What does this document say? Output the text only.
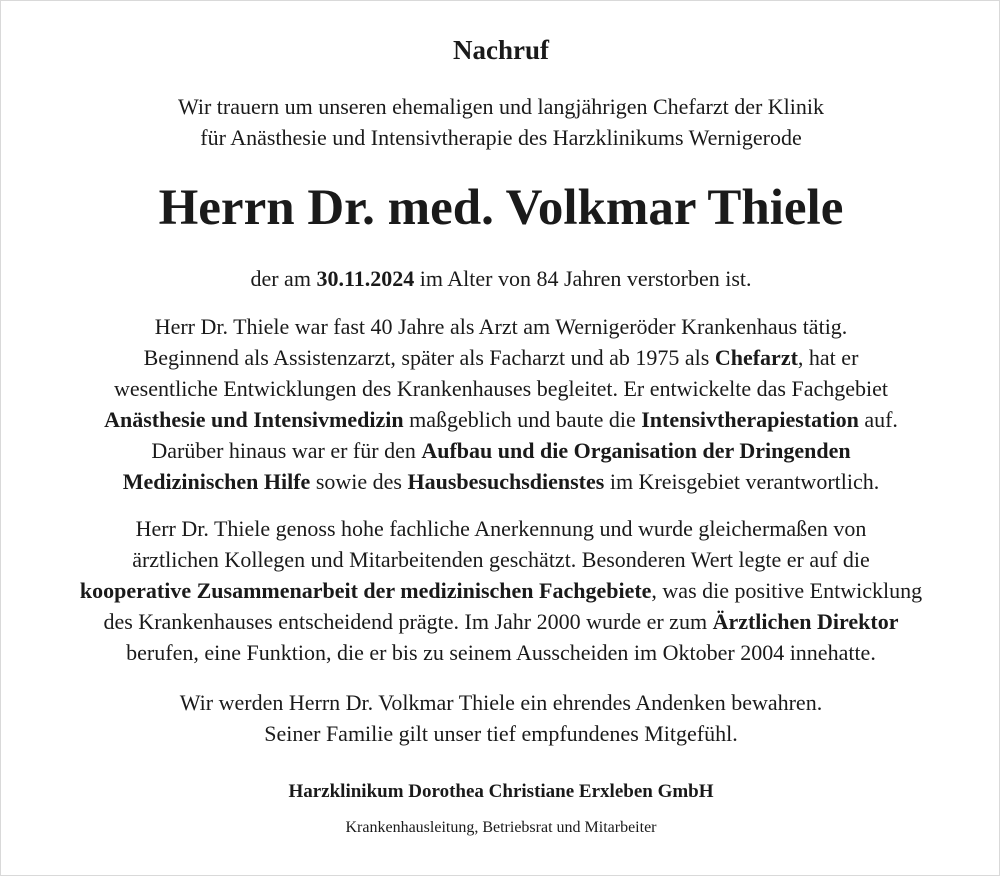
Nachruf
Wir trauern um unseren ehemaligen und langjährigen Chefarzt der Klinik
für Anästhesie und Intensivtherapie des Harzklinikums Wernigerode
Herrn Dr. med. Volkmar Thiele
der am 30.11.2024 im Alter von 84 Jahren verstorben ist.
Herr Dr. Thiele war fast 40 Jahre als Arzt am Wernigeröder Krankenhaus tätig.
Beginnend als Assistenzarzt, später als Facharzt und ab 1975 als Chefarzt, hat er
wesentliche Entwicklungen des Krankenhauses begleitet. Er entwickelte das Fachgebiet
Anästhesie und Intensivmedizin maßgeblich und baute die Intensivtherapiestation auf.
Darüber hinaus war er für den Aufbau und die Organisation der Dringenden
Medizinischen Hilfe sowie des Hausbesuchsdienstes im Kreisgebiet verantwortlich.
Herr Dr. Thiele genoss hohe fachliche Anerkennung und wurde gleichermaßen von
ärztlichen Kollegen und Mitarbeitenden geschätzt. Besonderen Wert legte er auf die
kooperative Zusammenarbeit der medizinischen Fachgebiete, was die positive Entwicklung
des Krankenhauses entscheidend prägte. Im Jahr 2000 wurde er zum Ärztlichen Direktor
berufen, eine Funktion, die er bis zu seinem Ausscheiden im Oktober 2004 innehatte.
Wir werden Herrn Dr. Volkmar Thiele ein ehrendes Andenken bewahren.
Seiner Familie gilt unser tief empfundenes Mitgefühl.
Harzklinikum Dorothea Christiane Erxleben GmbH
Krankenhausleitung, Betriebsrat und Mitarbeiter
